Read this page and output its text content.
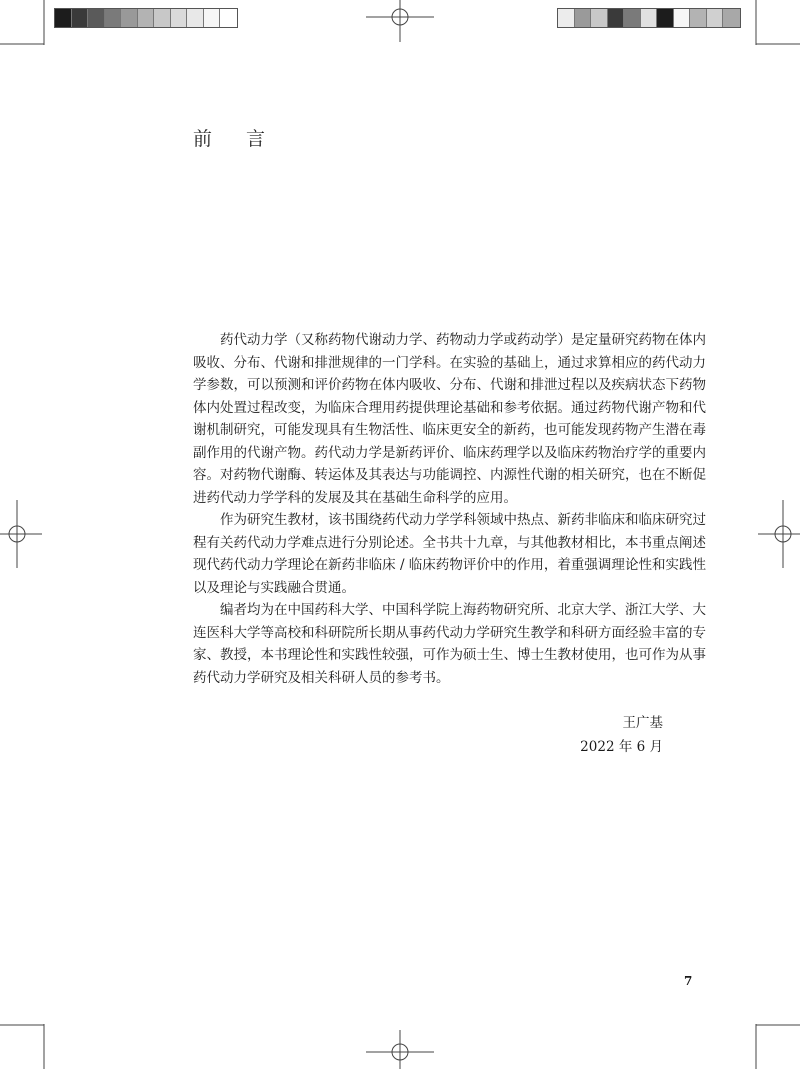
前 言

药代动力学（又称药物代谢动力学、药物动力学或药动学）是定量研究药物在体内吸收、分布、代谢和排泄规律的一门学科。在实验的基础上，通过求算相应的药代动力学参数，可以预测和评价药物在体内吸收、分布、代谢和排泄过程以及疾病状态下药物体内处置过程改变，为临床合理用药提供理论基础和参考依据。通过药物代谢产物和代谢机制研究，可能发现具有生物活性、临床更安全的新药，也可能发现药物产生潜在毒副作用的代谢产物。药代动力学是新药评价、临床药理学以及临床药物治疗学的重要内容。对药物代谢酶、转运体及其表达与功能调控、内源性代谢的相关研究，也在不断促进药代动力学学科的发展及其在基础生命科学的应用。

作为研究生教材，该书围绕药代动力学学科领域中热点、新药非临床和临床研究过程有关药代动力学难点进行分别论述。全书共十九章，与其他教材相比，本书重点阐述现代药代动力学理论在新药非临床 / 临床药物评价中的作用，着重强调理论性和实践性以及理论与实践融合贯通。

编者均为在中国药科大学、中国科学院上海药物研究所、北京大学、浙江大学、大连医科大学等高校和科研院所长期从事药代动力学研究生教学和科研方面经验丰富的专家、教授，本书理论性和实践性较强，可作为硕士生、博士生教材使用，也可作为从事药代动力学研究及相关科研人员的参考书。

王广基
2022 年 6 月
7
